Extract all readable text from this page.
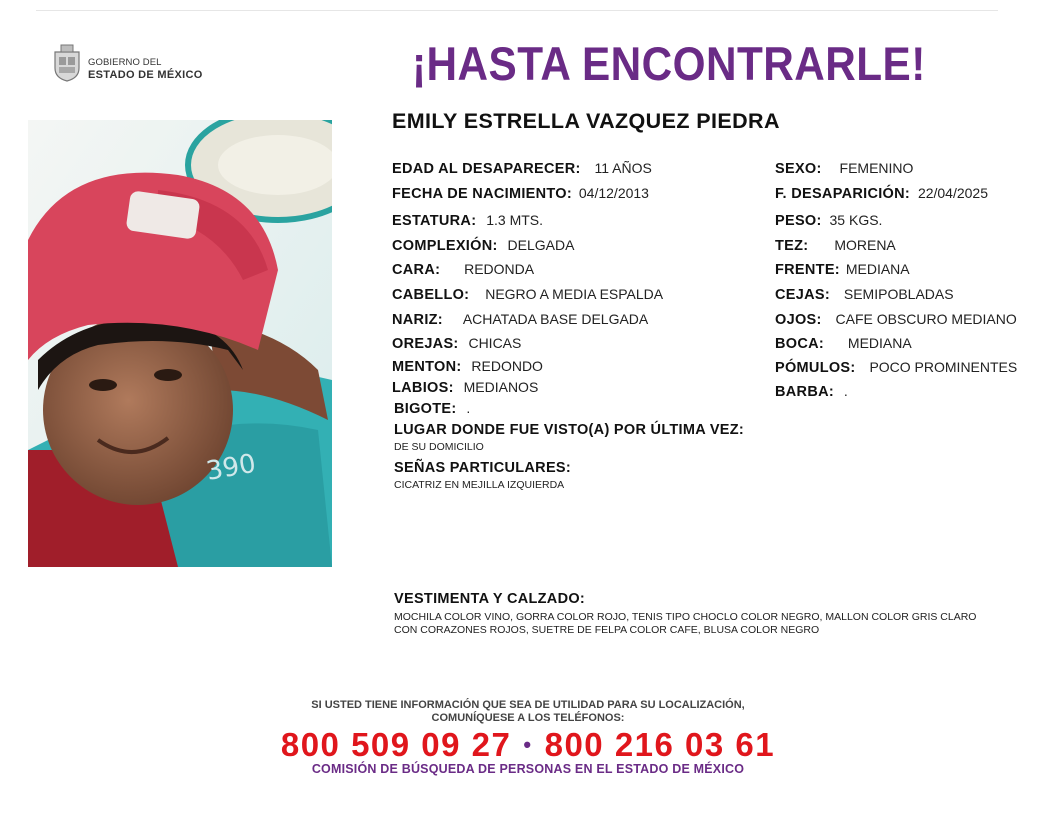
GOBIERNO DEL
ESTADO DE MÉXICO	¡HASTA ENCONTRARLE!
EMILY ESTRELLA VAZQUEZ PIEDRA
390
EDAD AL DESAPARECER: 11 AÑOS
FECHA DE NACIMIENTO: 04/12/2013
ESTATURA: 1.3 MTS.
COMPLEXIÓN: DELGADA
CARA: REDONDA
CABELLO: NEGRO A MEDIA ESPALDA
NARIZ: ACHATADA BASE DELGADA
OREJAS: CHICAS
MENTON: REDONDO
LABIOS: MEDIANOS
BIGOTE: .
SEXO: FEMENINO
F. DESAPARICIÓN: 22/04/2025
PESO: 35 KGS.
TEZ: MORENA
FRENTE: MEDIANA
CEJAS: SEMIPOBLADAS
OJOS: CAFE OBSCURO MEDIANO
BOCA: MEDIANA
PÓMULOS: POCO PROMINENTES
BARBA: .
LUGAR DONDE FUE VISTO(A) POR ÚLTIMA VEZ:
DE SU DOMICILIO
SEÑAS PARTICULARES:
CICATRIZ EN MEJILLA IZQUIERDA
VESTIMENTA Y CALZADO:
MOCHILA COLOR VINO, GORRA COLOR ROJO, TENIS TIPO CHOCLO COLOR NEGRO, MALLON COLOR GRIS CLARO
CON CORAZONES ROJOS, SUETRE DE FELPA COLOR CAFE, BLUSA COLOR NEGRO
SI USTED TIENE INFORMACIÓN QUE SEA DE UTILIDAD PARA SU LOCALIZACIÓN,
COMUNÍQUESE A LOS TELÉFONOS:
800 509 09 27 • 800 216 03 61
COMISIÓN DE BÚSQUEDA DE PERSONAS EN EL ESTADO DE MÉXICO
